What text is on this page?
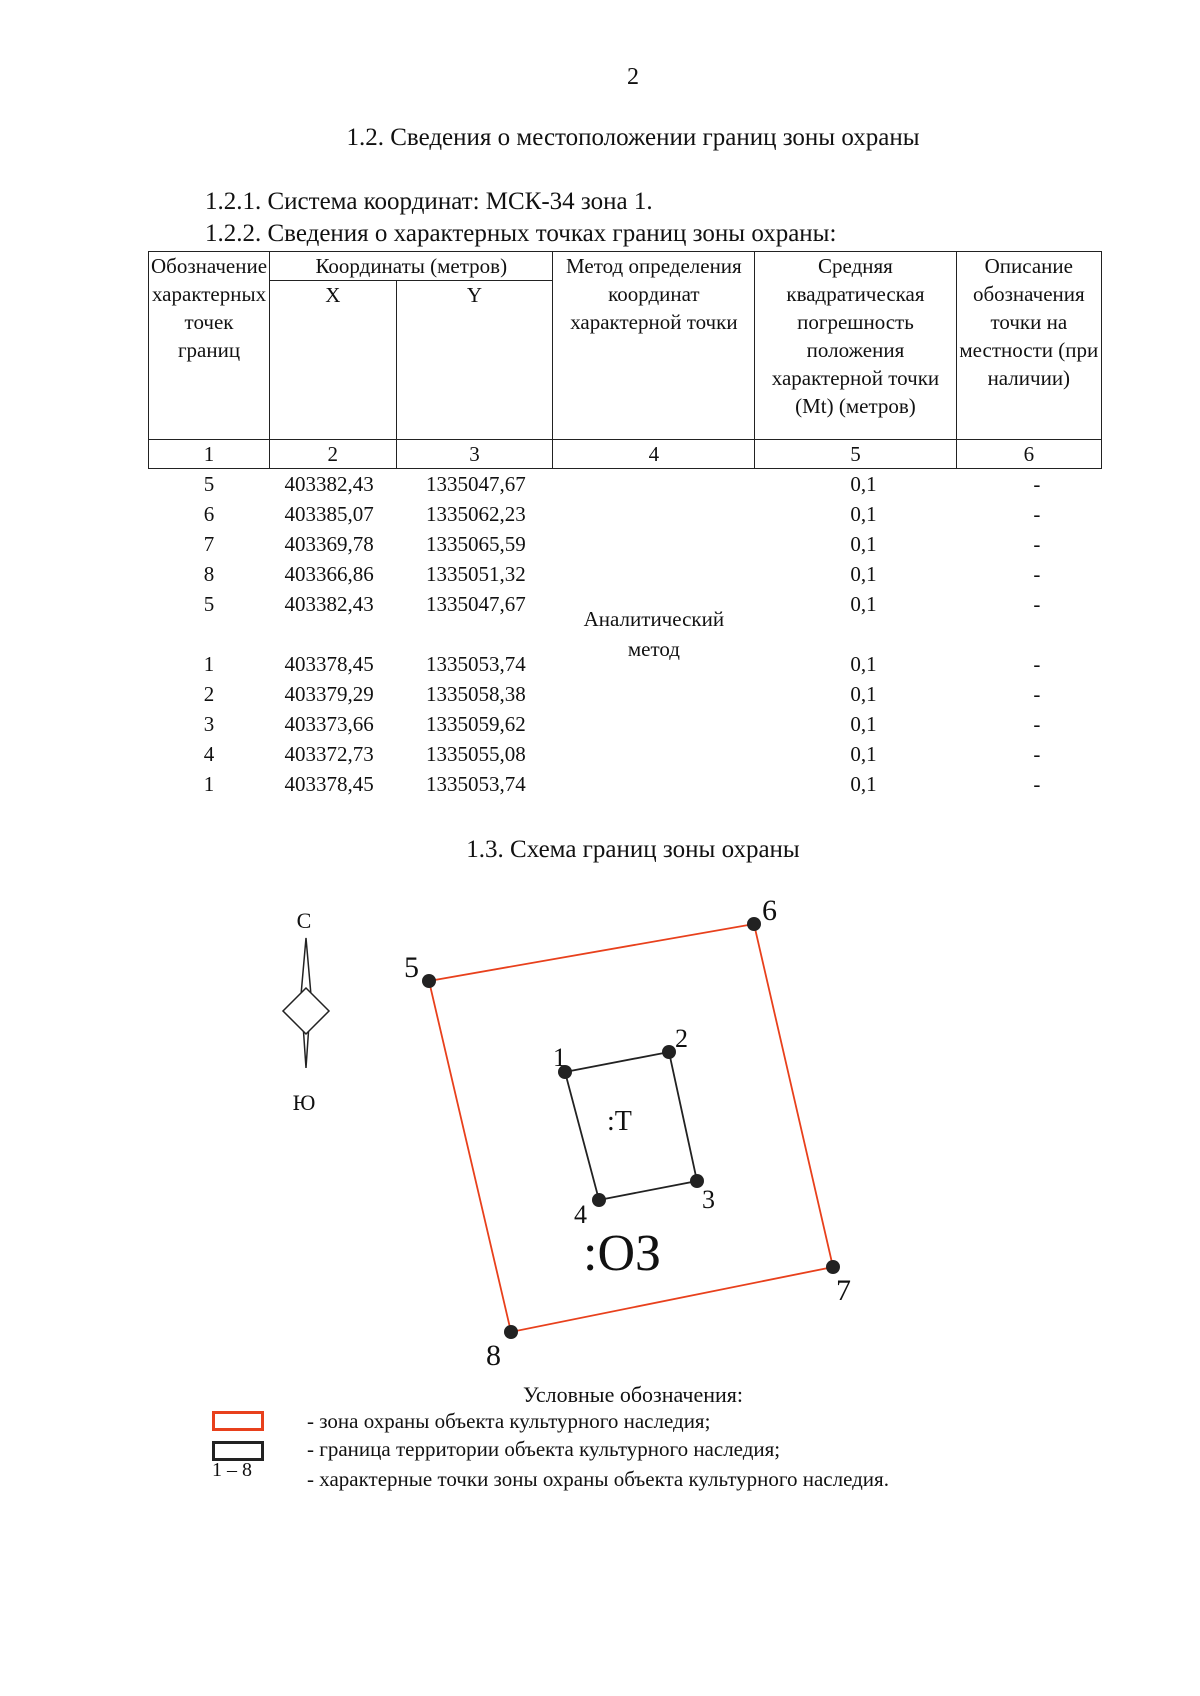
2
1.2. Сведения о местоположении границ зоны охраны
1.2.1. Система координат: МСК-34 зона 1.
1.2.2. Сведения о характерных точках границ зоны охраны:
Обозначение характерных точек границ	Координаты (метров)		Метод определения координат характерной точки	Средняя квадратическая погрешность положения характерной точки (Mt) (метров)	Описание обозначения точки на местности (при наличии)
	X	Y			
1	2	3	4	5	6
5	403382,43	1335047,67	Аналитический метод	0,1	-
6	403385,07	1335062,23		0,1	-
7	403369,78	1335065,59		0,1	-
8	403366,86	1335051,32		0,1	-
5	403382,43	1335047,67		0,1	-

1	403378,45	1335053,74		0,1	-
2	403379,29	1335058,38		0,1	-
3	403373,66	1335059,62		0,1	-
4	403372,73	1335055,08		0,1	-
1	403378,45	1335053,74		0,1	-
1.3. Схема границ зоны охраны
С
Ю
1
2
3
4
5
6
7
8
:Т
:ОЗ
Условные обозначения:
1 – 8
- зона охраны объекта культурного наследия;
- граница территории объекта культурного наследия;
- характерные точки зоны охраны объекта культурного наследия.
